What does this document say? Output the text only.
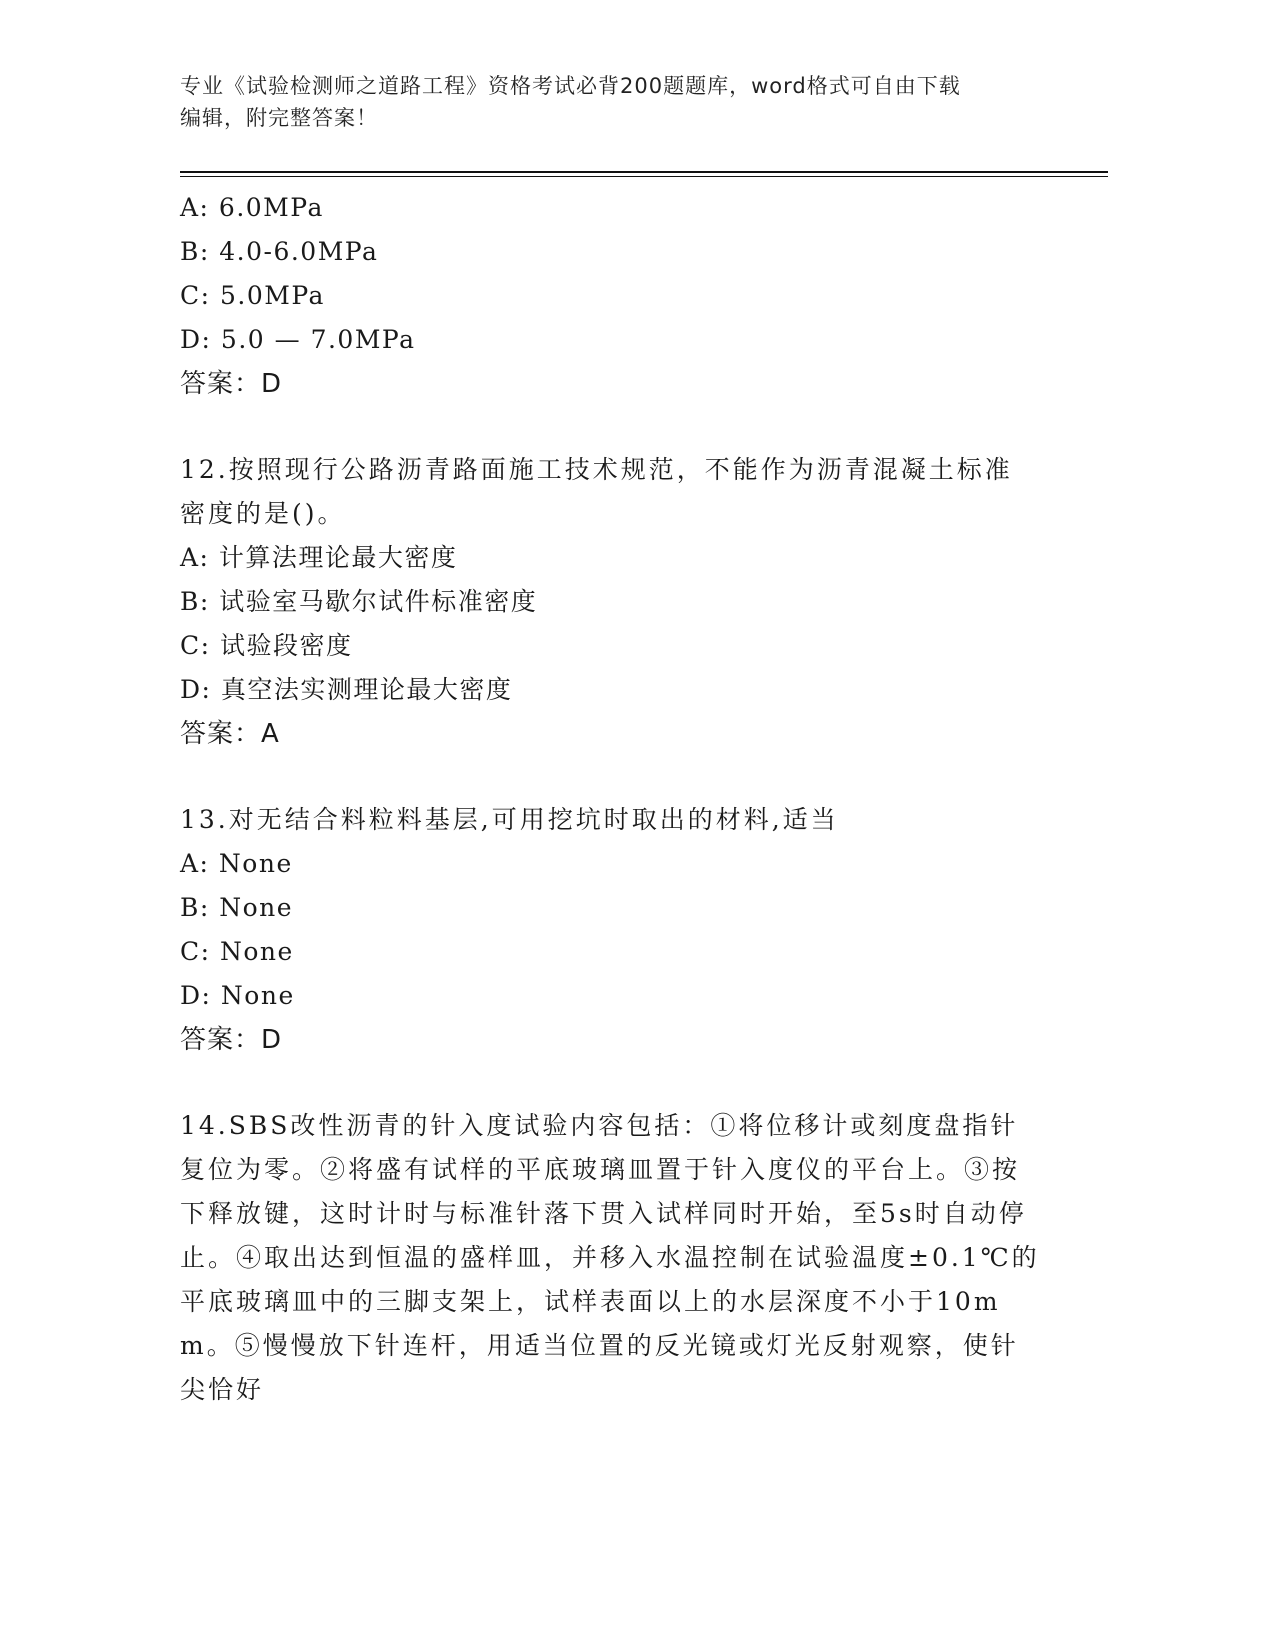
专业《试验检测师之道路工程》资格考试必背200题题库，word格式可自由下载
编辑，附完整答案！
A: 6.0MPa
B: 4.0-6.0MPa
C: 5.0MPa
D: 5.0 — 7.0MPa
答案：D
12.按照现行公路沥青路面施工技术规范，不能作为沥青混凝土标准密度的是()。
A: 计算法理论最大密度
B: 试验室马歇尔试件标准密度
C: 试验段密度
D: 真空法实测理论最大密度
答案：A
13.对无结合料粒料基层,可用挖坑时取出的材料,适当
A: None
B: None
C: None
D: None
答案：D
14.SBS改性沥青的针入度试验内容包括：①将位移计或刻度盘指针复位为零。②将盛有试样的平底玻璃皿置于针入度仪的平台上。③按下释放键，这时计时与标准针落下贯入试样同时开始，至5s时自动停止。④取出达到恒温的盛样皿，并移入水温控制在试验温度±0.1℃的平底玻璃皿中的三脚支架上，试样表面以上的水层深度不小于10mm。⑤慢慢放下针连杆，用适当位置的反光镜或灯光反射观察，使针尖恰好
